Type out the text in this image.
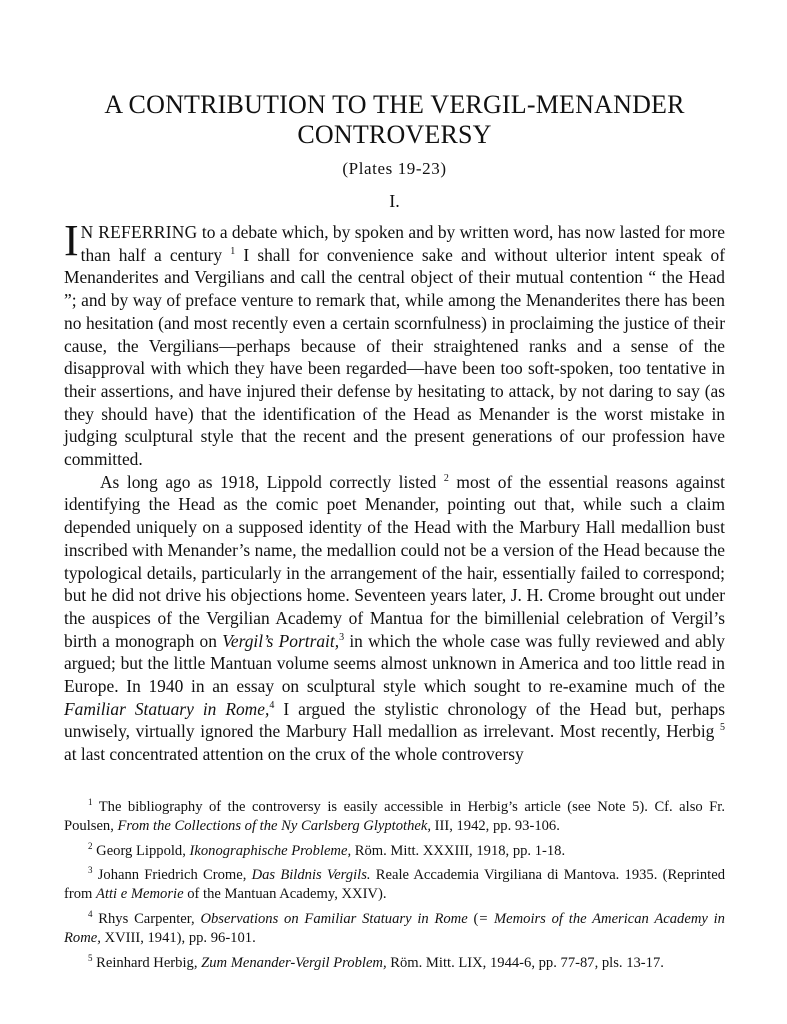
A CONTRIBUTION TO THE VERGIL-MENANDER
CONTROVERSY
(Plates 19-23)
I.

I N REFERRING to a debate which, by spoken and by written word, has now lasted for more than half a century $^1$ I shall for convenience sake and without ulterior intent speak of Menanderites and Vergilians and call the central object of their mutual contention “ the Head ”; and by way of preface venture to remark that, while among the Menanderites there has been no hesitation (and most recently even a certain scornfulness) in proclaiming the justice of their cause, the Vergilians—perhaps because of their straightened ranks and a sense of the disapproval with which they have been regarded—have been too soft-spoken, too tentative in their assertions, and have injured their defense by hesitating to attack, by not daring to say (as they should have) that the identification of the Head as Menander is the worst mistake in judging sculptural style that the recent and the present generations of our profession have committed.

As long ago as 1918, Lippold correctly listed $^2$ most of the essential reasons against identifying the Head as the comic poet Menander, pointing out that, while such a claim depended uniquely on a supposed identity of the Head with the Marbury Hall medallion bust inscribed with Menander’s name, the medallion could not be a version of the Head because the typological details, particularly in the arrangement of the hair, essentially failed to correspond; but he did not drive his objections home. Seventeen years later, J. H. Crome brought out under the auspices of the Vergilian Academy of Mantua for the bimillenial celebration of Vergil’s birth a monograph on Vergil’s Portrait,$^3$ in which the whole case was fully reviewed and ably argued; but the little Mantuan volume seems almost unknown in America and too little read in Europe. In 1940 in an essay on sculptural style which sought to re-examine much of the Familiar Statuary in Rome,$^4$ I argued the stylistic chronology of the Head but, perhaps unwisely, virtually ignored the Marbury Hall medallion as irrelevant. Most recently, Herbig $^5$ at last concentrated attention on the crux of the whole controversy

$^1$ The bibliography of the controversy is easily accessible in Herbig’s article (see Note 5). Cf. also Fr. Poulsen, From the Collections of the Ny Carlsberg Glyptothek, III, 1942, pp. 93-106.

$^2$ Georg Lippold, Ikonographische Probleme, Röm. Mitt. XXXIII, 1918, pp. 1-18.

$^3$ Johann Friedrich Crome, Das Bildnis Vergils. Reale Accademia Virgiliana di Mantova. 1935. (Reprinted from Atti e Memorie of the Mantuan Academy, XXIV).

$^4$ Rhys Carpenter, Observations on Familiar Statuary in Rome (= Memoirs of the American Academy in Rome, XVIII, 1941), pp. 96-101.

$^5$ Reinhard Herbig, Zum Menander-Vergil Problem, Röm. Mitt. LIX, 1944-6, pp. 77-87, pls. 13-17.
